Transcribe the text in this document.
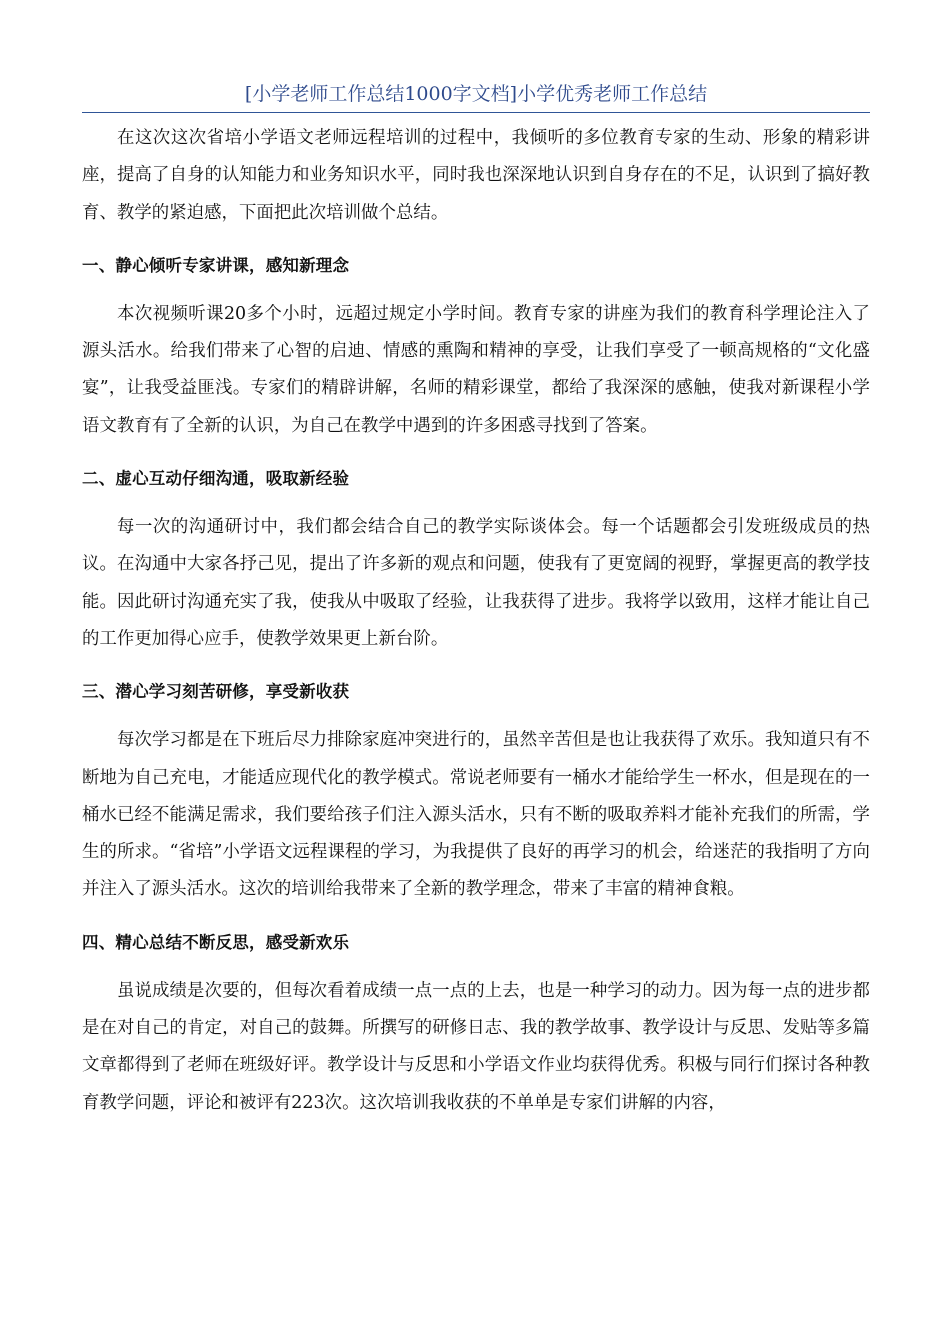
[小学老师工作总结1000字文档]小学优秀老师工作总结

在这次这次省培小学语文老师远程培训的过程中，我倾听的多位教育专家的生动、形象的精彩讲座，提高了自身的认知能力和业务知识水平，同时我也深深地认识到自身存在的不足，认识到了搞好教育、教学的紧迫感，下面把此次培训做个总结。

一、静心倾听专家讲课，感知新理念

本次视频听课20多个小时，远超过规定小学时间。教育专家的讲座为我们的教育科学理论注入了源头活水。给我们带来了心智的启迪、情感的熏陶和精神的享受，让我们享受了一顿高规格的“文化盛宴”，让我受益匪浅。专家们的精辟讲解，名师的精彩课堂，都给了我深深的感触，使我对新课程小学语文教育有了全新的认识，为自己在教学中遇到的许多困惑寻找到了答案。

二、虚心互动仔细沟通，吸取新经验

每一次的沟通研讨中，我们都会结合自己的教学实际谈体会。每一个话题都会引发班级成员的热议。在沟通中大家各抒己见，提出了许多新的观点和问题，使我有了更宽阔的视野，掌握更高的教学技能。因此研讨沟通充实了我，使我从中吸取了经验，让我获得了进步。我将学以致用，这样才能让自己的工作更加得心应手，使教学效果更上新台阶。

三、潜心学习刻苦研修，享受新收获

每次学习都是在下班后尽力排除家庭冲突进行的，虽然辛苦但是也让我获得了欢乐。我知道只有不断地为自己充电，才能适应现代化的教学模式。常说老师要有一桶水才能给学生一杯水，但是现在的一桶水已经不能满足需求，我们要给孩子们注入源头活水，只有不断的吸取养料才能补充我们的所需，学生的所求。“省培”小学语文远程课程的学习，为我提供了良好的再学习的机会，给迷茫的我指明了方向并注入了源头活水。这次的培训给我带来了全新的教学理念，带来了丰富的精神食粮。

四、精心总结不断反思，感受新欢乐

虽说成绩是次要的，但每次看着成绩一点一点的上去，也是一种学习的动力。因为每一点的进步都是在对自己的肯定，对自己的鼓舞。所撰写的研修日志、我的教学故事、教学设计与反思、发贴等多篇文章都得到了老师在班级好评。教学设计与反思和小学语文作业均获得优秀。积极与同行们探讨各种教育教学问题，评论和被评有223次。这次培训我收获的不单单是专家们讲解的内容，
